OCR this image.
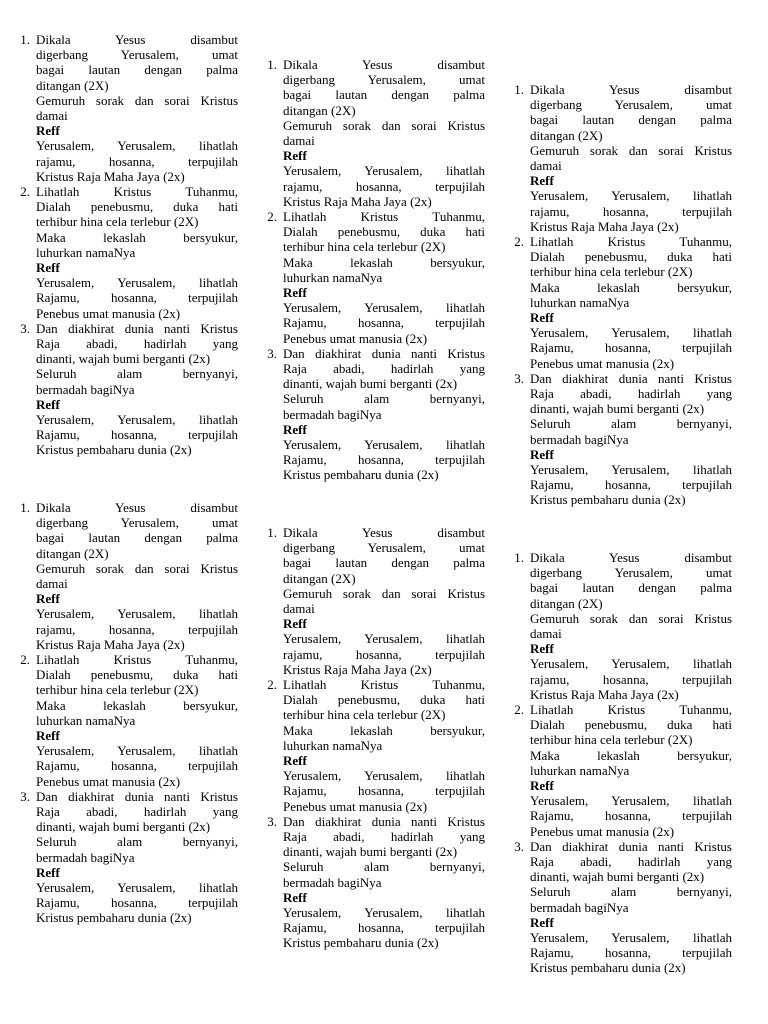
1. Dikala Yesus disambut
digerbang Yerusalem, umat
bagai lautan dengan palma
ditangan (2X)
Gemuruh sorak dan sorai Kristus
damai
Reff
Yerusalem, Yerusalem, lihatlah
rajamu, hosanna, terpujilah
Kristus Raja Maha Jaya (2x)
2. Lihatlah Kristus Tuhanmu,
Dialah penebusmu, duka hati
terhibur hina cela terlebur (2X)
Maka lekaslah bersyukur,
luhurkan namaNya
Reff
Yerusalem, Yerusalem, lihatlah
Rajamu, hosanna, terpujilah
Penebus umat manusia (2x)
3. Dan diakhirat dunia nanti Kristus
Raja abadi, hadirlah yang
dinanti, wajah bumi berganti (2x)
Seluruh alam bernyanyi,
bermadah bagiNya
Reff
Yerusalem, Yerusalem, lihatlah
Rajamu, hosanna, terpujilah
Kristus pembaharu dunia (2x)
1. Dikala Yesus disambut
digerbang Yerusalem, umat
bagai lautan dengan palma
ditangan (2X)
Gemuruh sorak dan sorai Kristus
damai
Reff
Yerusalem, Yerusalem, lihatlah
rajamu, hosanna, terpujilah
Kristus Raja Maha Jaya (2x)
2. Lihatlah Kristus Tuhanmu,
Dialah penebusmu, duka hati
terhibur hina cela terlebur (2X)
Maka lekaslah bersyukur,
luhurkan namaNya
Reff
Yerusalem, Yerusalem, lihatlah
Rajamu, hosanna, terpujilah
Penebus umat manusia (2x)
3. Dan diakhirat dunia nanti Kristus
Raja abadi, hadirlah yang
dinanti, wajah bumi berganti (2x)
Seluruh alam bernyanyi,
bermadah bagiNya
Reff
Yerusalem, Yerusalem, lihatlah
Rajamu, hosanna, terpujilah
Kristus pembaharu dunia (2x)
1. Dikala Yesus disambut
digerbang Yerusalem, umat
bagai lautan dengan palma
ditangan (2X)
Gemuruh sorak dan sorai Kristus
damai
Reff
Yerusalem, Yerusalem, lihatlah
rajamu, hosanna, terpujilah
Kristus Raja Maha Jaya (2x)
2. Lihatlah Kristus Tuhanmu,
Dialah penebusmu, duka hati
terhibur hina cela terlebur (2X)
Maka lekaslah bersyukur,
luhurkan namaNya
Reff
Yerusalem, Yerusalem, lihatlah
Rajamu, hosanna, terpujilah
Penebus umat manusia (2x)
3. Dan diakhirat dunia nanti Kristus
Raja abadi, hadirlah yang
dinanti, wajah bumi berganti (2x)
Seluruh alam bernyanyi,
bermadah bagiNya
Reff
Yerusalem, Yerusalem, lihatlah
Rajamu, hosanna, terpujilah
Kristus pembaharu dunia (2x)
1. Dikala Yesus disambut
digerbang Yerusalem, umat
bagai lautan dengan palma
ditangan (2X)
Gemuruh sorak dan sorai Kristus
damai
Reff
Yerusalem, Yerusalem, lihatlah
rajamu, hosanna, terpujilah
Kristus Raja Maha Jaya (2x)
2. Lihatlah Kristus Tuhanmu,
Dialah penebusmu, duka hati
terhibur hina cela terlebur (2X)
Maka lekaslah bersyukur,
luhurkan namaNya
Reff
Yerusalem, Yerusalem, lihatlah
Rajamu, hosanna, terpujilah
Penebus umat manusia (2x)
3. Dan diakhirat dunia nanti Kristus
Raja abadi, hadirlah yang
dinanti, wajah bumi berganti (2x)
Seluruh alam bernyanyi,
bermadah bagiNya
Reff
Yerusalem, Yerusalem, lihatlah
Rajamu, hosanna, terpujilah
Kristus pembaharu dunia (2x)
1. Dikala Yesus disambut
digerbang Yerusalem, umat
bagai lautan dengan palma
ditangan (2X)
Gemuruh sorak dan sorai Kristus
damai
Reff
Yerusalem, Yerusalem, lihatlah
rajamu, hosanna, terpujilah
Kristus Raja Maha Jaya (2x)
2. Lihatlah Kristus Tuhanmu,
Dialah penebusmu, duka hati
terhibur hina cela terlebur (2X)
Maka lekaslah bersyukur,
luhurkan namaNya
Reff
Yerusalem, Yerusalem, lihatlah
Rajamu, hosanna, terpujilah
Penebus umat manusia (2x)
3. Dan diakhirat dunia nanti Kristus
Raja abadi, hadirlah yang
dinanti, wajah bumi berganti (2x)
Seluruh alam bernyanyi,
bermadah bagiNya
Reff
Yerusalem, Yerusalem, lihatlah
Rajamu, hosanna, terpujilah
Kristus pembaharu dunia (2x)
1. Dikala Yesus disambut
digerbang Yerusalem, umat
bagai lautan dengan palma
ditangan (2X)
Gemuruh sorak dan sorai Kristus
damai
Reff
Yerusalem, Yerusalem, lihatlah
rajamu, hosanna, terpujilah
Kristus Raja Maha Jaya (2x)
2. Lihatlah Kristus Tuhanmu,
Dialah penebusmu, duka hati
terhibur hina cela terlebur (2X)
Maka lekaslah bersyukur,
luhurkan namaNya
Reff
Yerusalem, Yerusalem, lihatlah
Rajamu, hosanna, terpujilah
Penebus umat manusia (2x)
3. Dan diakhirat dunia nanti Kristus
Raja abadi, hadirlah yang
dinanti, wajah bumi berganti (2x)
Seluruh alam bernyanyi,
bermadah bagiNya
Reff
Yerusalem, Yerusalem, lihatlah
Rajamu, hosanna, terpujilah
Kristus pembaharu dunia (2x)
